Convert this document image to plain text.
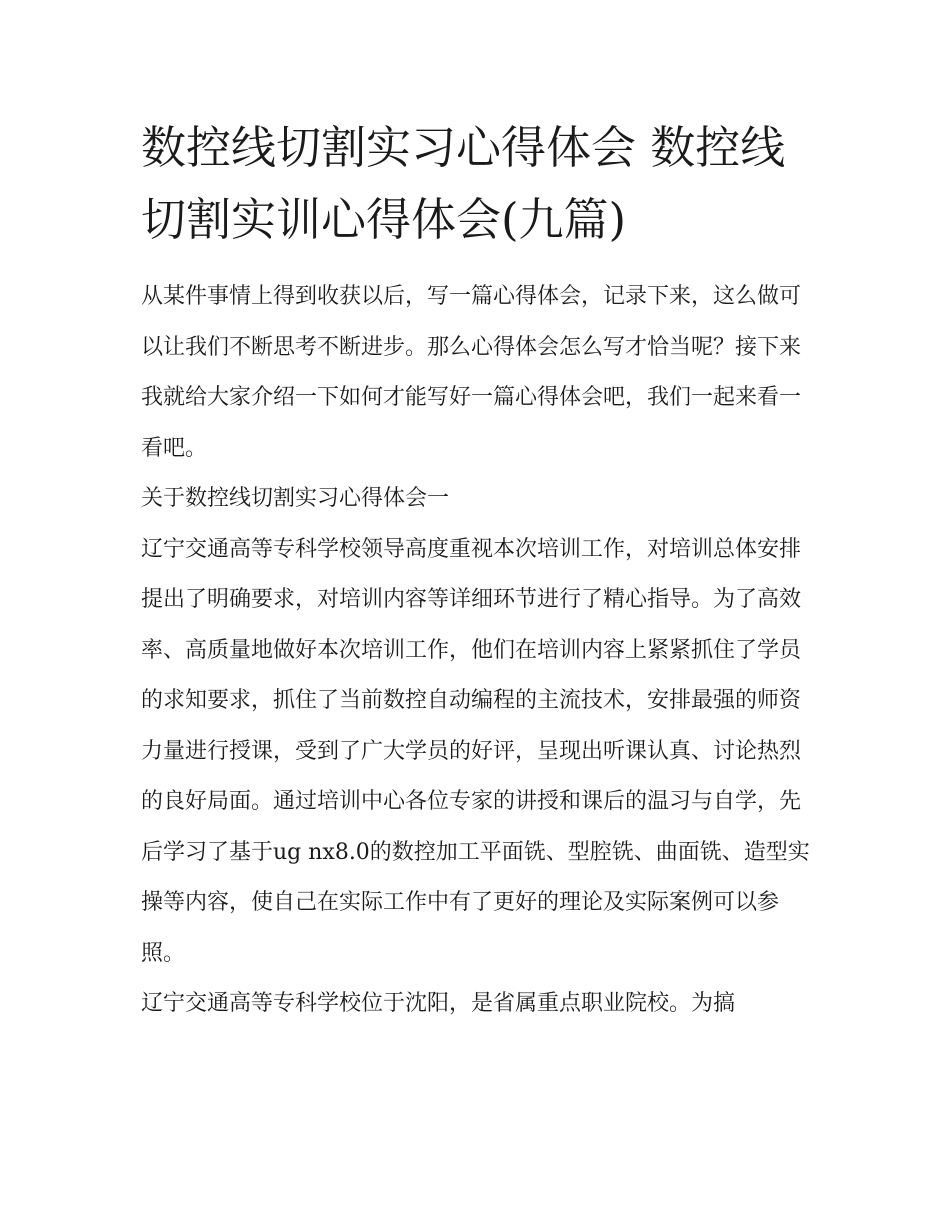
数控线切割实习心得体会 数控线切割实训心得体会(九篇)

从某件事情上得到收获以后，写一篇心得体会，记录下来，这么做可以让我们不断思考不断进步。那么心得体会怎么写才恰当呢？接下来我就给大家介绍一下如何才能写好一篇心得体会吧，我们一起来看一看吧。

关于数控线切割实习心得体会一

辽宁交通高等专科学校领导高度重视本次培训工作，对培训总体安排提出了明确要求，对培训内容等详细环节进行了精心指导。为了高效率、高质量地做好本次培训工作，他们在培训内容上紧紧抓住了学员的求知要求，抓住了当前数控自动编程的主流技术，安排最强的师资力量进行授课，受到了广大学员的好评，呈现出听课认真、讨论热烈的良好局面。通过培训中心各位专家的讲授和课后的温习与自学，先后学习了基于ug nx8.0的数控加工平面铣、型腔铣、曲面铣、造型实操等内容，使自己在实际工作中有了更好的理论及实际案例可以参照。

辽宁交通高等专科学校位于沈阳，是省属重点职业院校。为搞
